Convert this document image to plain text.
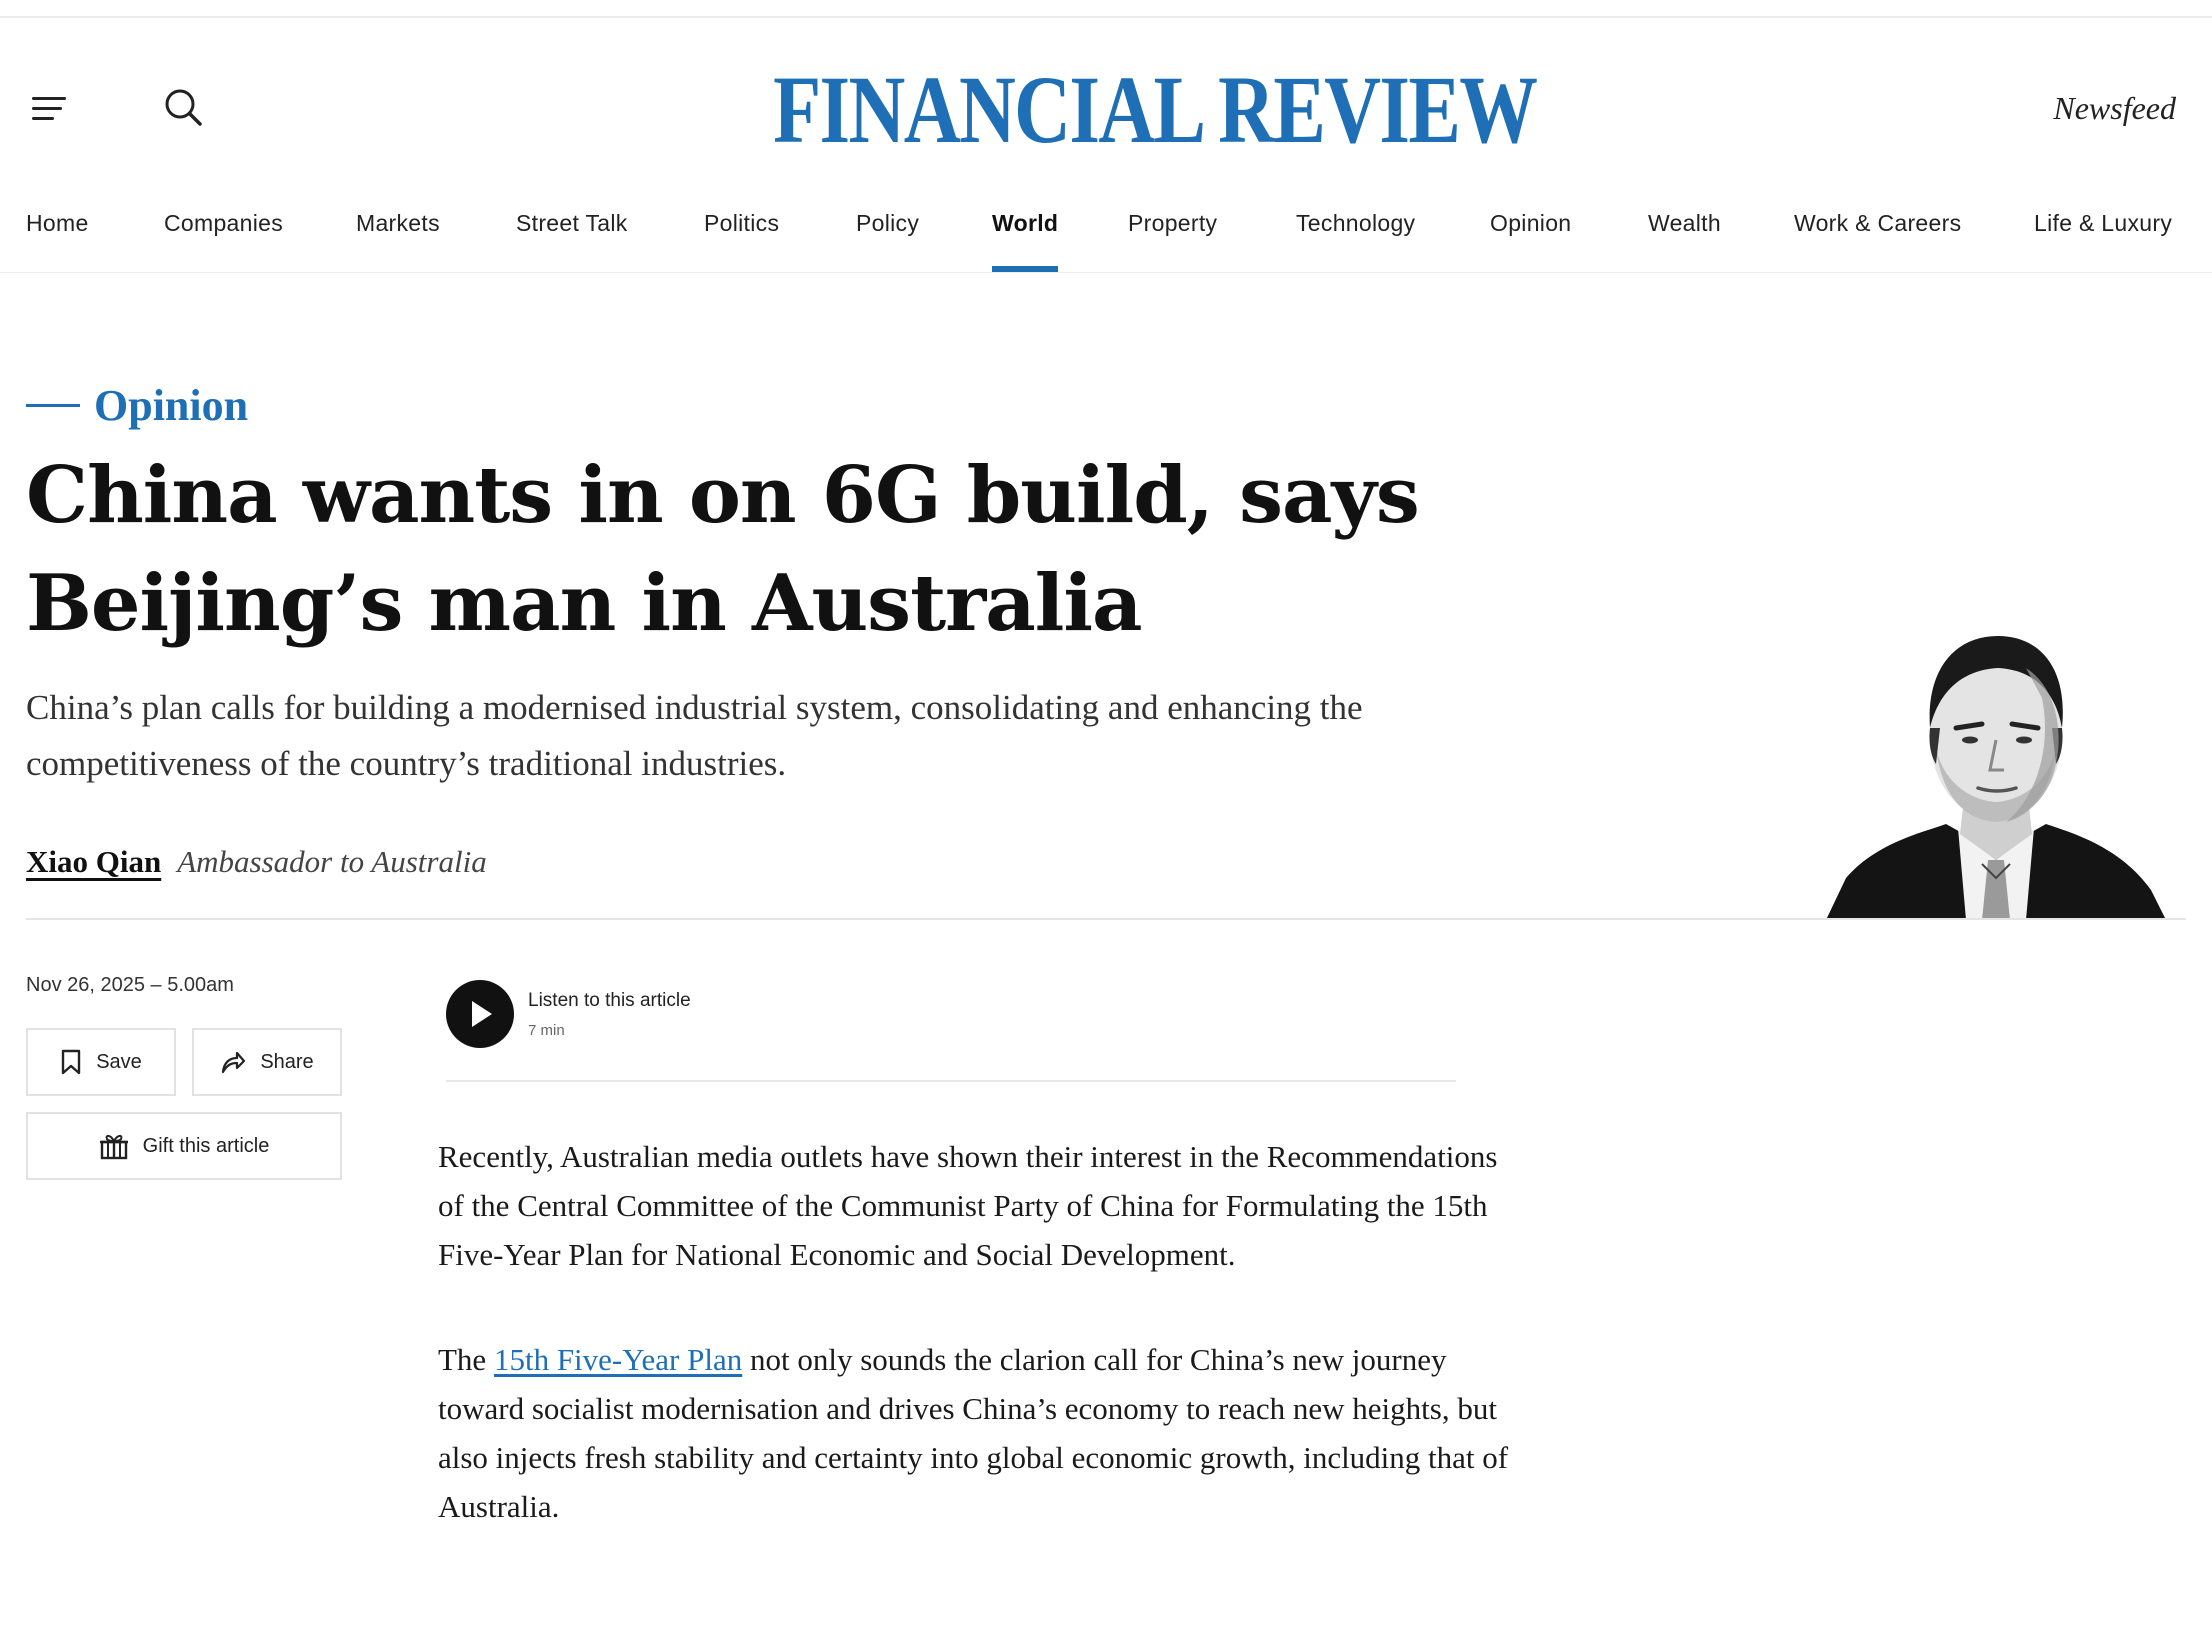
FINANCIAL REVIEW	Newsfeed
Home	Companies	Markets	Street Talk	Politics	Policy	World	Property	Technology	Opinion	Wealth	Work & Careers	Life & Luxury
Opinion
China wants in on 6G build, says Beijing’s man in Australia

China’s plan calls for building a modernised industrial system, consolidating and enhancing the competitiveness of the country’s traditional industries.

Xiao Qian Ambassador to Australia
Nov 26, 2025 – 5.00am
Save	Share
Gift this article
Listen to this article
7 min

Recently, Australian media outlets have shown their interest in the Recommendations of the Central Committee of the Communist Party of China for Formulating the 15th Five-Year Plan for National Economic and Social Development.

The 15th Five-Year Plan not only sounds the clarion call for China’s new journey toward socialist modernisation and drives China’s economy to reach new heights, but also injects fresh stability and certainty into global economic growth, including that of Australia.
